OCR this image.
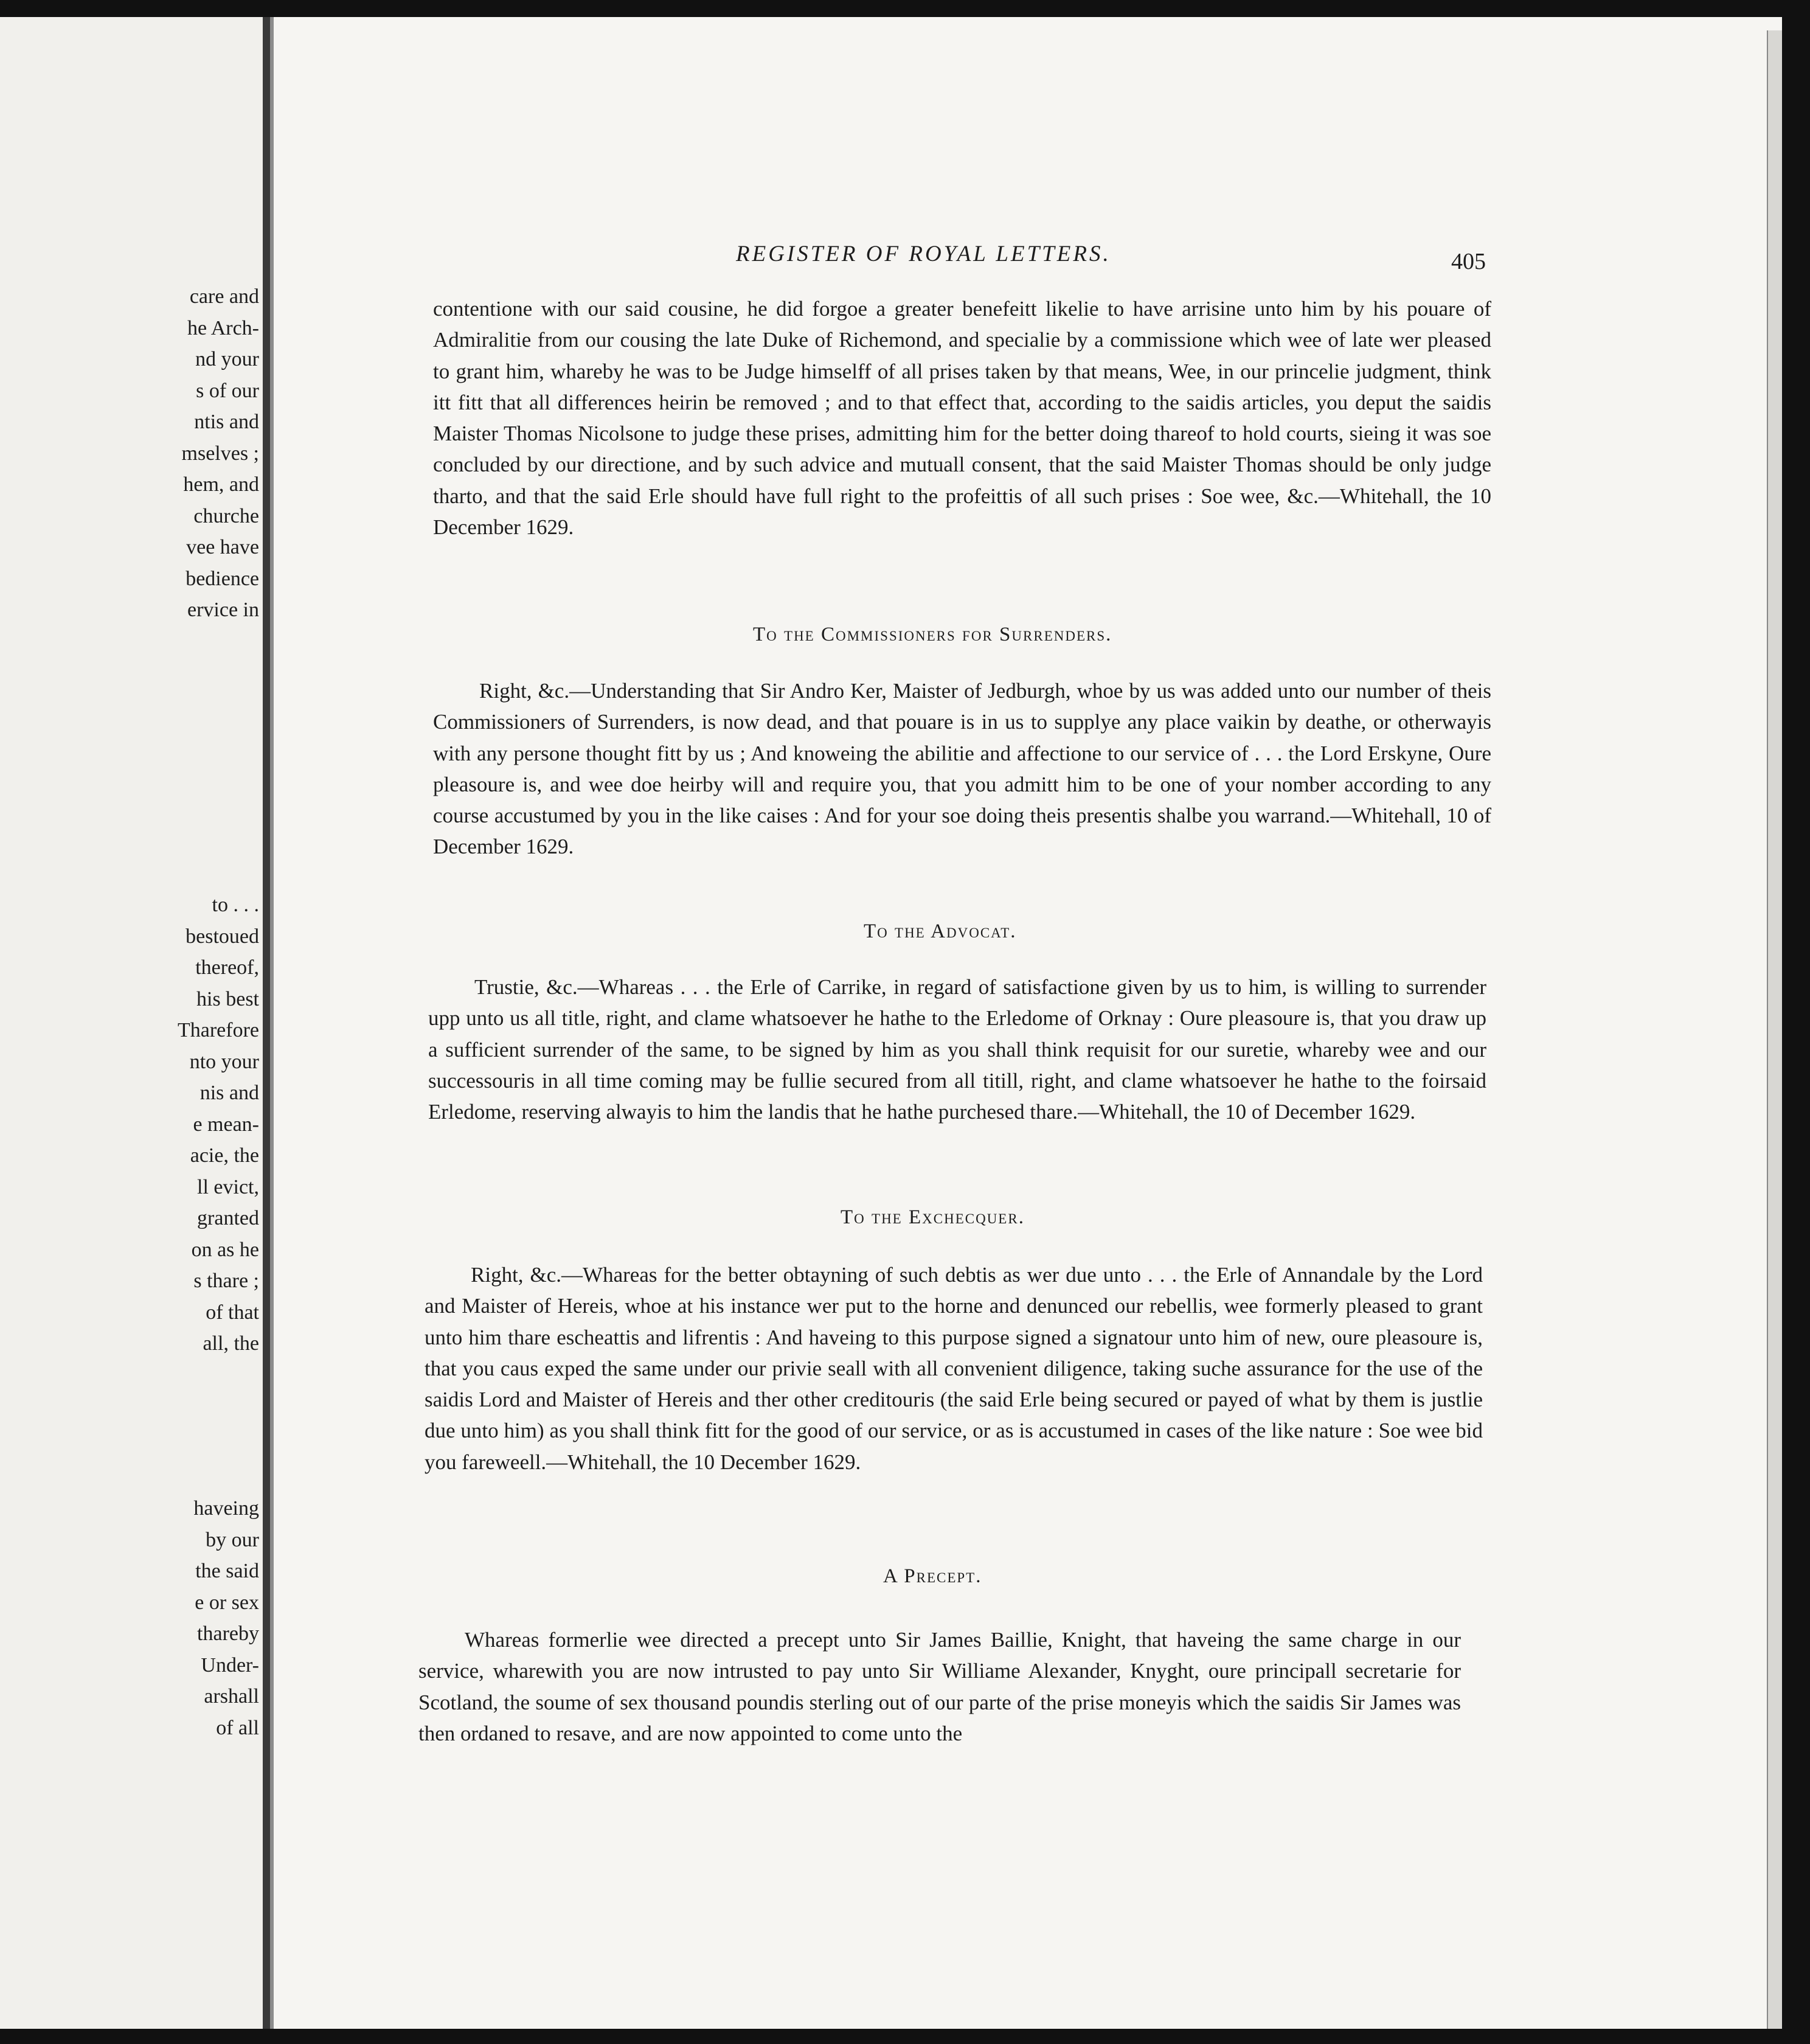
care and
he Arch-
nd your
s of our
ntis and
mselves ;
hem, and
churche
vee have
bedience
ervice in
to . . .
bestoued
thereof,
his best
Tharefore
nto your
nis and
e mean-
acie, the
ll evict,
granted
on as he
s thare ;
of that
all, the
haveing
by our
the said
e or sex
thareby
Under-
arshall
of all
REGISTER OF ROYAL LETTERS.	405

contentione with our said cousine, he did forgoe a greater benefeitt likelie to have arrisine unto him by his pouare of Admiralitie from our cousing the late Duke of Richemond, and specialie by a commissione which wee of late wer pleased to grant him, whareby he was to be Judge himselff of all prises taken by that means, Wee, in our princelie judgment, think itt fitt that all differences heirin be removed ; and to that effect that, according to the saidis articles, you deput the saidis Maister Thomas Nicolsone to judge these prises, admitting him for the better doing thareof to hold courts, sieing it was soe concluded by our directione, and by such advice and mutuall consent, that the said Maister Thomas should be only judge tharto, and that the said Erle should have full right to the profeittis of all such prises : Soe wee, &c.—Whitehall, the 10 December 1629.

To the Commissioners for Surrenders.

Right, &c.—Understanding that Sir Andro Ker, Maister of Jedburgh, whoe by us was added unto our number of theis Commissioners of Surrenders, is now dead, and that pouare is in us to supplye any place vaikin by deathe, or otherwayis with any persone thought fitt by us ; And knoweing the abilitie and affectione to our service of . . . the Lord Erskyne, Oure pleasoure is, and wee doe heirby will and require you, that you admitt him to be one of your nomber according to any course accustumed by you in the like caises : And for your soe doing theis presentis shalbe you warrand.—Whitehall, 10 of December 1629.

To the Advocat.

Trustie, &c.—Whareas . . . the Erle of Carrike, in regard of satisfactione given by us to him, is willing to surrender upp unto us all title, right, and clame whatsoever he hathe to the Erledome of Orknay : Oure pleasoure is, that you draw up a sufficient surrender of the same, to be signed by him as you shall think requisit for our suretie, whareby wee and our successouris in all time coming may be fullie secured from all titill, right, and clame whatsoever he hathe to the foirsaid Erledome, reserving alwayis to him the landis that he hathe purchesed thare.—Whitehall, the 10 of December 1629.

To the Exchecquer.

Right, &c.—Whareas for the better obtayning of such debtis as wer due unto . . . the Erle of Annandale by the Lord and Maister of Hereis, whoe at his instance wer put to the horne and denunced our rebellis, wee formerly pleased to grant unto him thare escheattis and lifrentis : And haveing to this purpose signed a signatour unto him of new, oure pleasoure is, that you caus exped the same under our privie seall with all convenient diligence, taking suche assurance for the use of the saidis Lord and Maister of Hereis and ther other creditouris (the said Erle being secured or payed of what by them is justlie due unto him) as you shall think fitt for the good of our service, or as is accustumed in cases of the like nature : Soe wee bid you fareweell.—Whitehall, the 10 December 1629.

A Precept.

Whareas formerlie wee directed a precept unto Sir James Baillie, Knight, that haveing the same charge in our service, wharewith you are now intrusted to pay unto Sir Williame Alexander, Knyght, oure principall secretarie for Scotland, the soume of sex thousand poundis sterling out of our parte of the prise moneyis which the saidis Sir James was then ordaned to resave, and are now appointed to come unto the
